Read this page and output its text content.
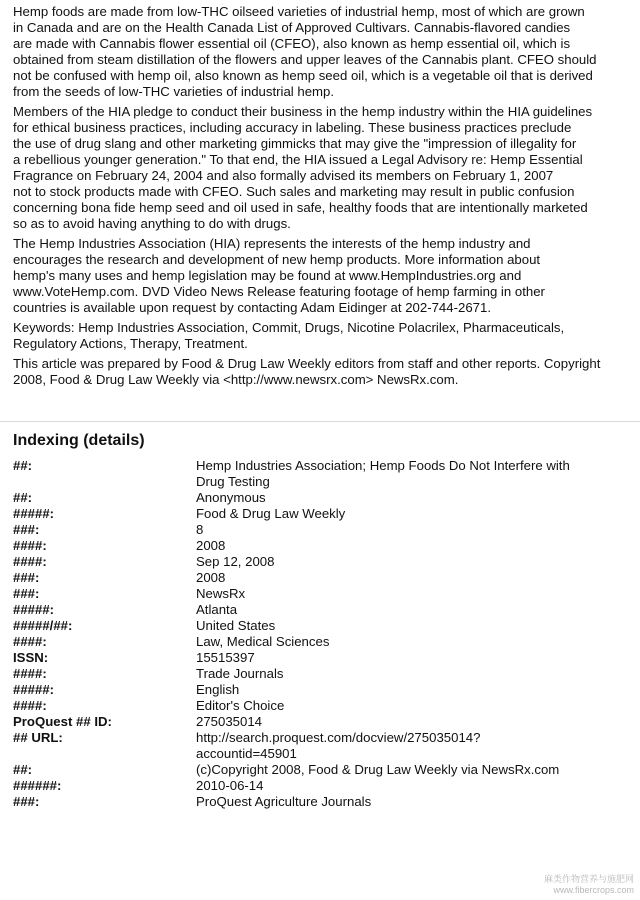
Hemp foods are made from low-THC oilseed varieties of industrial hemp, most of which are grown
in Canada and are on the Health Canada List of Approved Cultivars. Cannabis-flavored candies
are made with Cannabis flower essential oil (CFEO), also known as hemp essential oil, which is
obtained from steam distillation of the flowers and upper leaves of the Cannabis plant. CFEO should
not be confused with hemp oil, also known as hemp seed oil, which is a vegetable oil that is derived
from the seeds of low-THC varieties of industrial hemp.

Members of the HIA pledge to conduct their business in the hemp industry within the HIA guidelines
for ethical business practices, including accuracy in labeling. These business practices preclude
the use of drug slang and other marketing gimmicks that may give the "impression of illegality for
a rebellious younger generation." To that end, the HIA issued a Legal Advisory re: Hemp Essential
Fragrance on February 24, 2004 and also formally advised its members on February 1, 2007
not to stock products made with CFEO. Such sales and marketing may result in public confusion
concerning bona fide hemp seed and oil used in safe, healthy foods that are intentionally marketed
so as to avoid having anything to do with drugs.

The Hemp Industries Association (HIA) represents the interests of the hemp industry and
encourages the research and development of new hemp products. More information about
hemp's many uses and hemp legislation may be found at www.HempIndustries.org and
www.VoteHemp.com. DVD Video News Release featuring footage of hemp farming in other
countries is available upon request by contacting Adam Eidinger at 202-744-2671.

Keywords: Hemp Industries Association, Commit, Drugs, Nicotine Polacrilex, Pharmaceuticals,
Regulatory Actions, Therapy, Treatment.

This article was prepared by Food & Drug Law Weekly editors from staff and other reports. Copyright
2008, Food & Drug Law Weekly via <http://www.newsrx.com> NewsRx.com.

Indexing (details)
##:	Hemp Industries Association; Hemp Foods Do Not Interfere with
Drug Testing
##:	Anonymous
#####:	Food & Drug Law Weekly
###:	8
####:	2008
####:	Sep 12, 2008
###:	2008
###:	NewsRx
#####:	Atlanta
#####/##:	United States
####:	Law, Medical Sciences
ISSN:	15515397
####:	Trade Journals
#####:	English
####:	Editor's Choice
ProQuest ## ID:	275035014
## URL:	http://search.proquest.com/docview/275035014?
accountid=45901
##:	(c)Copyright 2008, Food & Drug Law Weekly via NewsRx.com
######:	2010-06-14
###:	ProQuest Agriculture Journals
麻类作物营养与施肥网
www.fibercrops.com
